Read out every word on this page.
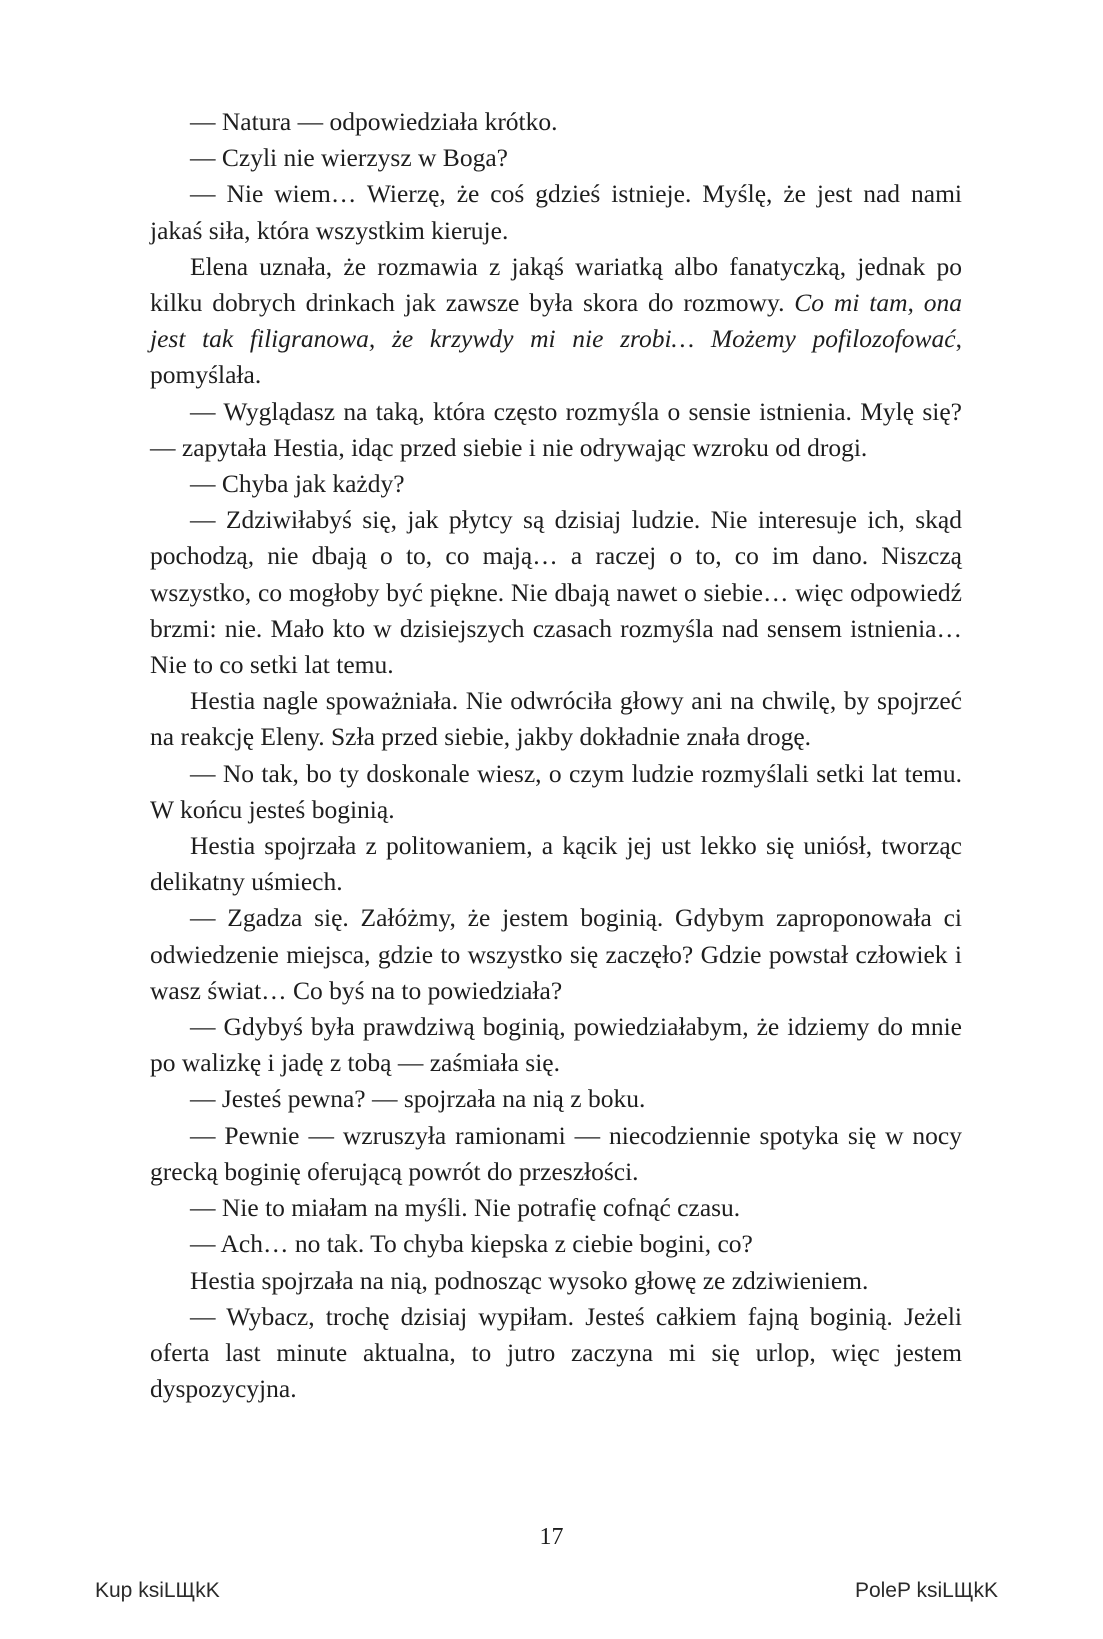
— Natura — odpowiedziała krótko.

— Czyli nie wierzysz w Boga?

— Nie wiem… Wierzę, że coś gdzieś istnieje. Myślę, że jest nad nami jakaś siła, która wszystkim kieruje.

Elena uznała, że rozmawia z jakąś wariatką albo fanatyczką, jednak po kilku dobrych drinkach jak zawsze była skora do rozmowy. Co mi tam, ona jest tak filigranowa, że krzywdy mi nie zrobi… Możemy pofilozofować, pomyślała.

— Wyglądasz na taką, która często rozmyśla o sensie istnienia. Mylę się? — zapytała Hestia, idąc przed siebie i nie odrywając wzroku od drogi.

— Chyba jak każdy?

— Zdziwiłabyś się, jak płytcy są dzisiaj ludzie. Nie interesuje ich, skąd pochodzą, nie dbają o to, co mają… a raczej o to, co im dano. Niszczą wszystko, co mogłoby być piękne. Nie dbają nawet o siebie… więc odpowiedź brzmi: nie. Mało kto w dzisiejszych czasach rozmyśla nad sensem istnienia… Nie to co setki lat temu.

Hestia nagle spoważniała. Nie odwróciła głowy ani na chwilę, by spojrzeć na reakcję Eleny. Szła przed siebie, jakby dokładnie znała drogę.

— No tak, bo ty doskonale wiesz, o czym ludzie rozmyślali setki lat temu. W końcu jesteś boginią.

Hestia spojrzała z politowaniem, a kącik jej ust lekko się uniósł, tworząc delikatny uśmiech.

— Zgadza się. Załóżmy, że jestem boginią. Gdybym zaproponowała ci odwiedzenie miejsca, gdzie to wszystko się zaczęło? Gdzie powstał człowiek i wasz świat… Co byś na to powiedziała?

— Gdybyś była prawdziwą boginią, powiedziałabym, że idziemy do mnie po walizkę i jadę z tobą — zaśmiała się.

— Jesteś pewna? — spojrzała na nią z boku.

— Pewnie — wzruszyła ramionami — niecodziennie spotyka się w nocy grecką boginię oferującą powrót do przeszłości.

— Nie to miałam na myśli. Nie potrafię cofnąć czasu.

— Ach… no tak. To chyba kiepska z ciebie bogini, co?

Hestia spojrzała na nią, podnosząc wysoko głowę ze zdziwieniem.

— Wybacz, trochę dzisiaj wypiłam. Jesteś całkiem fajną boginią. Jeżeli oferta last minute aktualna, to jutro zaczyna mi się urlop, więc jestem dyspozycyjna.

17
Kup ksiLЩkK	PoleP ksiLЩkK
